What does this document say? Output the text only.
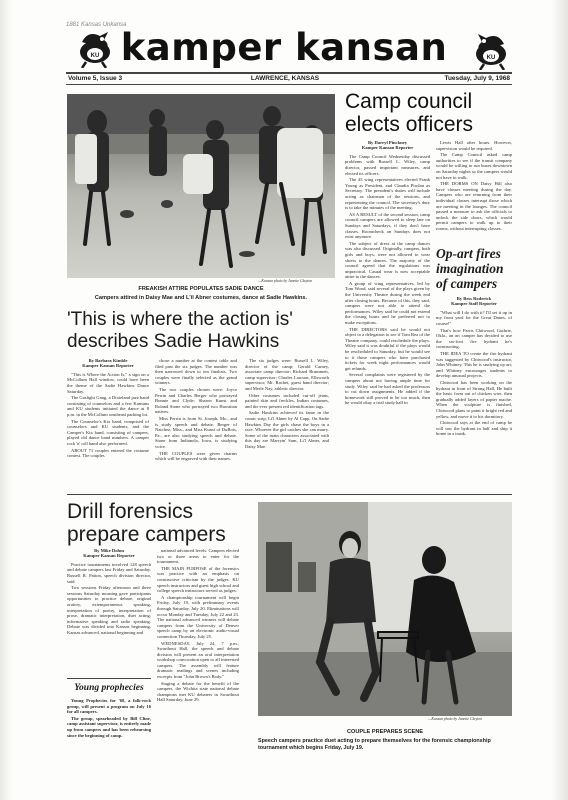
1881 Kansas Unkansa
KU	KU
kamper kansan
Volume 5, Issue 3	LAWRENCE, KANSAS	Tuesday, July 9, 1968
—Kansan photo by Janette Clayton
FREAKISH ATTIRE POPULATES SADIE DANCE
Campers attired in Daisy Mae and L'il Abner costumes, dance at Sadie Hawkins.
Camp council
elects officers

By Darryl Pinckney

Kamper Kansan Reporter

The Camp Council Wednesday discussed problems with Russell L. Wiley, camp director, passed important measures, and elected its officers.

The 45 wing representatives elected Frank Young as President, and Claudia Pirolan as Secretary. The president's duties will include acting as chairman of the sessions, and representing the council. The secretary's duty is to take the minutes of the meeting.

AS A RESULT of the second session, camp council campers are allowed to sleep late on Sundays and Saturdays, if they don't have classes. Roomcheck on Sundays does not exist anymore.

The subject of dress at the camp dances was also discussed. Originally, campers, both girls and boys, were not allowed to wear shorts to the dances. The majority of the council agreed that the regulations was unpractical. Casual wear is now acceptable attire to the dances.

A group of wing representatives, led by Tom Wood, said several of the plays given by the University Theatre during the week end after closing hours. Because of this, they said, campers were not able to attend the performances. Wiley said he could not extend the closing hours and he preferred not to make exceptions.

THE DIRECTORS said he would not object to a delegation to see if Tom Rea of the Theatre company, could reschedule the plays. Wiley said it was doubtful if the plays would be rescheduled to Saturday, but he would see to it those campers who have purchased tickets for week night performances would get refunds.

Several complaints were registered by the campers about not having ample time for study. Wiley said he had asked the professors to cut down assignments. He added if the homework still proved to be too much, then he would okay a trial study hall in

Lewis Hall after hours. However, supervision would be required.

The Camp Council asked camp authorities to see if the transit company would be willing to run buses downtown on Saturday nights so the campers would not have to walk.

THE DORMS ON Daisy Hill also have classes meeting during the day. Campers who are returning from their individual classes interrupt those which are meeting in the lounges. The council passed a measure to ask the officials to unlock the side doors, which would permit campers to walk up to their rooms, without interrupting classes.

Op-art fires
imagination
of campers

By Bess Roderick

Kamper Staff Reporter

"What will I do with it? I'll set it up in my front yard for the Great Danes, of course!"

That's how Farris Chitwood, Guthrie, Okla., an art camper has decided to use the six-foot fire hydrant he's constructing.

THE IDEA TO create the fire hydrant was suggested by Chitwood's instructor, John Whitney. This he is studying op art, and Whitney encourages students to develop unusual projects.

Chitwood has been working on the hydrant in front of Strong Hall. He built the basic form out of chicken wire, then gradually added layers of papier mache. When the sculpture is finished, Chitwood plans to paint it bright red and yellow, and move it to his dormitory.

Chitwood says at the end of camp he will saw the hydrant in half and ship it home in a trunk.

'This is where the action is'
describes Sadie Hawkins

By Barbara Kimble

Kamper Kansan Reporter

"This is Where the Action Is," a sign on a McCollum Hall window, could have been the theme of the Sadie Hawkins Dance Saturday.

The Gaslight Gang, a Dixieland jazz band consisting of counselors and a few Kansans and KU students initiated the dance at 8 p.m. in the McCollum southeast parking lot.

The Counselor's Kix band, comprised of counselors and KU students, and the Camper's Kix band, consisting of campers, played old dance band numbers. A camper rock 'n' roll band also performed.

ABOUT 71 couples entered the costume contest. The couples

chose a number at the contest table and filed past the six judges. The number was then narrowed down to ten finalists. Two couples were finally selected as the grand winners.

The two couples chosen were: Joyce Perrin and Charles Berger who portrayed Bonnie and Clyde; Sharon Kunst and Roland Stone who portrayed two Hawaiian natives.

Miss Perrin is from St. Joseph, Mo., and is study speech and debate. Berger of Natchez, Miss., and Miss Kunst of DuBois, Pa., are also studying speech and debate. Stone from Indianola, Iowa, is studying voice.

THE COUPLES were given charms which will be engraved with their names.

The six judges were: Russell L. Wiley, director of the camp; Gerald Carney, associate camp director; Richard Brummett, camp supervisor; Charles Lawson, Ellsworth supervisor; Mr. Rachet, guest band director; and Merle Nay, athletic director.

Other costumes included cut-off jeans, painted skin and freckles, Indian costumes, and the ever present red identification tags.

Sadie Hawkins achieved its fame in the comic strip, Li'l Abner by Al Capp. On Sadie Hawkins Day the girls chase the boys in a race. Whoever the girl catches she can marry. Some of the main characters associated with this day are Marryin' Sam, Li'l Abner, and Daisy Mae.

Drill forensics
prepare campers

By Mike Dohm

Kamper Kansan Reporter

Practice tournaments involved 128 speech and debate campers last Friday and Saturday. Russell R. Patton, speech division director, said.

Two sessions Friday afternoon and three sessions Saturday morning gave participants opportunities to practice debate, original oratory, extemporaneous speaking, interpretation of poetry, interpretation of prose, dramatic interpretation, duet acting, informative speaking and radio speaking. Debate was divided into Kansas beginning, Kansas advanced, national beginning and

national advanced levels. Campers elected two or three areas to enter for the tournament.

THE MAIN PURPOSE of the forensics was practice with an emphasis on constructive criticism by the judges. KU speech instructors and guest high school and college speech instructors served as judges.

A championship tournament will begin Friday, July 19, with preliminary events through Saturday, July 20. Eliminations will occur Monday and Tuesday, July 22 and 23. The national advanced winners will debate campers from the University of Denver speech camp by an electronic audio-visual connection Thursday, July 25.

WEDNESDAY, July 24, 7 p.m., Swarthout Hall, the speech and debate division will present an oral interpretation workshop convocation open to all interested campers. The assembly will feature dramatic readings and scenes including excerpts from "John Brown's Body."

Staging a debate for the benefit of the campers, the Wichita state national debate champions met KU debaters in Swarthout Hall Saturday, June 29.

Young prophecies

Young Prophecies for '68, a folk-rock group, will present a program on July 16 for all campers.

The group, spearheaded by Bill Cline, camp assistant supervisor, is entirely made up from campers and has been rehearsing since the beginning of camp.

—Kansan photo by Janette Clayton
COUPLE PREPARES SCENE
Speech campers practice duet acting to prepare themselves for the forensic championship tournament which begins Friday, July 19.
